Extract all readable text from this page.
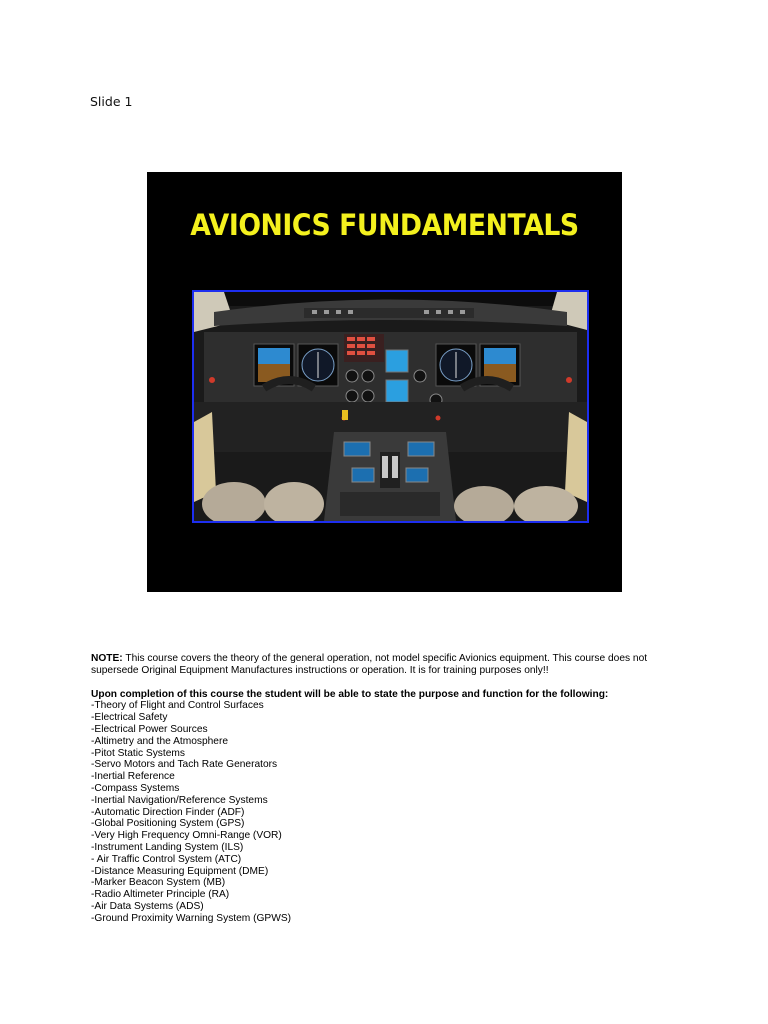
Slide 1
AVIONICS FUNDAMENTALS

NOTE: This course covers the theory of the general operation, not model specific Avionics equipment. This course does not supersede Original Equipment Manufactures instructions or operation. It is for training purposes only!!

Upon completion of this course the student will be able to state the purpose and function for the following:

-Theory of Flight and Control Surfaces
-Electrical Safety
-Electrical Power Sources
-Altimetry and the Atmosphere
-Pitot Static Systems
-Servo Motors and Tach Rate Generators
-Inertial Reference
-Compass Systems
-Inertial Navigation/Reference Systems
-Automatic Direction Finder (ADF)
-Global Positioning System (GPS)
-Very High Frequency Omni-Range (VOR)
-Instrument Landing System (ILS)
- Air Traffic Control System (ATC)
-Distance Measuring Equipment (DME)
-Marker Beacon System (MB)
-Radio Altimeter Principle (RA)
-Air Data Systems (ADS)
-Ground Proximity Warning System (GPWS)
